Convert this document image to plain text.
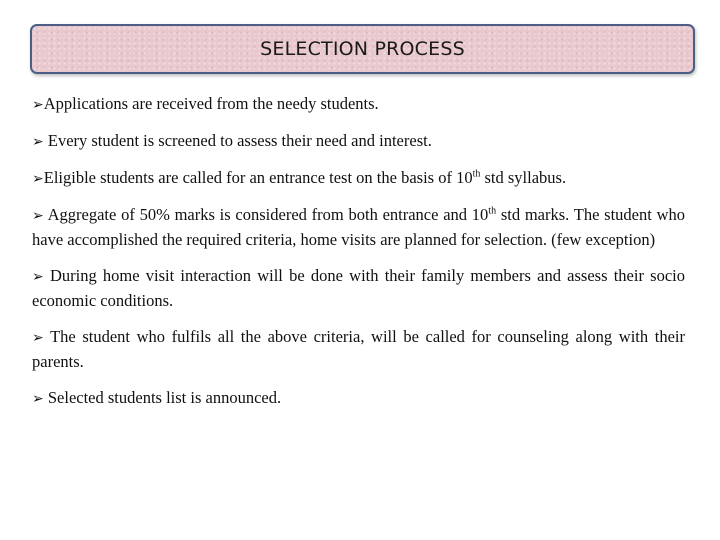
SELECTION PROCESS

➢Applications are received from the needy students.

➢ Every student is screened to assess their need and interest.

➢Eligible students are called for an entrance test on the basis of 10th std syllabus.

➢ Aggregate of 50% marks is considered from both entrance and 10th std marks. The student who have accomplished the required criteria, home visits are planned for selection. (few exception)

➢ During home visit interaction will be done with their family members and assess their socio economic conditions.

➢ The student who fulfils all the above criteria, will be called for counseling along with their parents.

➢ Selected students list is announced.
